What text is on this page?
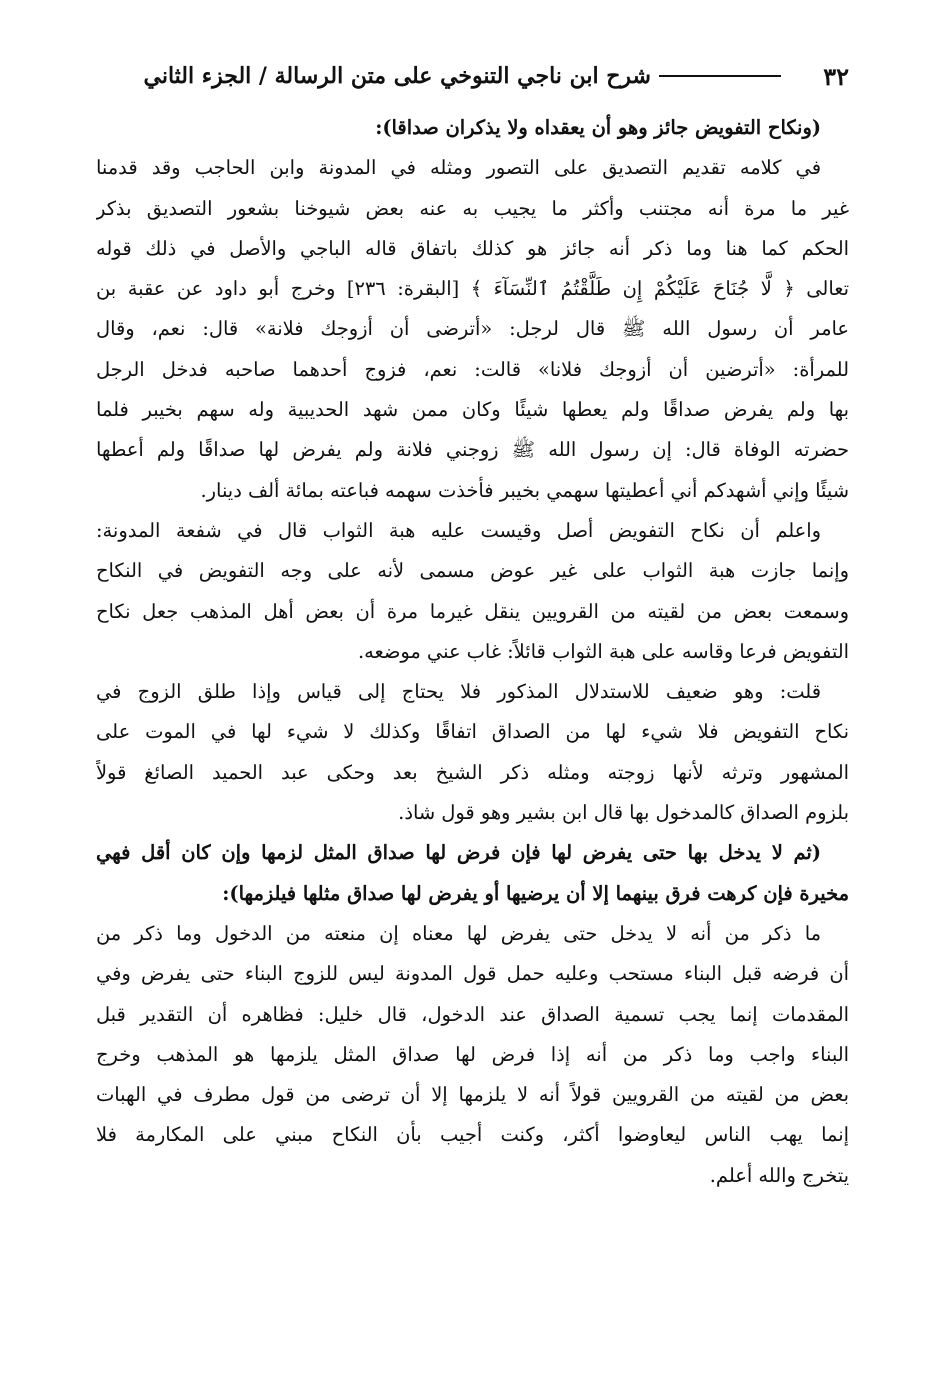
٣٢
شرح ابن ناجي التنوخي على متن الرسالة / الجزء الثاني
(ونكاح التفويض جائز وهو أن يعقداه ولا يذكران صداقا):
في كلامه تقديم التصديق على التصور ومثله في المدونة وابن الحاجب وقد قدمنا
غير ما مرة أنه مجتنب وأكثر ما يجيب به عنه بعض شيوخنا بشعور التصديق بذكر
الحكم كما هنا وما ذكر أنه جائز هو كذلك باتفاق قاله الباجي والأصل في ذلك قوله
تعالى ﴿ لَّا جُنَاحَ عَلَيْكُمْ إِن طَلَّقْتُمُ ٱلنِّسَآءَ ﴾ [البقرة: ٢٣٦] وخرج أبو داود عن عقبة بن
عامر أن رسول الله ﷺ قال لرجل: «أترضى أن أزوجك فلانة» قال: نعم، وقال
للمرأة: «أترضين أن أزوجك فلانا» قالت: نعم، فزوج أحدهما صاحبه فدخل الرجل
بها ولم يفرض صداقًا ولم يعطها شيئًا وكان ممن شهد الحديبية وله سهم بخيبر فلما
حضرته الوفاة قال: إن رسول الله ﷺ زوجني فلانة ولم يفرض لها صداقًا ولم أعطها
شيئًا وإني أشهدكم أني أعطيتها سهمي بخيبر فأخذت سهمه فباعته بمائة ألف دينار.
واعلم أن نكاح التفويض أصل وقيست عليه هبة الثواب قال في شفعة المدونة:
وإنما جازت هبة الثواب على غير عوض مسمى لأنه على وجه التفويض في النكاح
وسمعت بعض من لقيته من القرويين ينقل غيرما مرة أن بعض أهل المذهب جعل نكاح
التفويض فرعا وقاسه على هبة الثواب قائلاً: غاب عني موضعه.
قلت: وهو ضعيف للاستدلال المذكور فلا يحتاج إلى قياس وإذا طلق الزوج في
نكاح التفويض فلا شيء لها من الصداق اتفاقًا وكذلك لا شيء لها في الموت على
المشهور وترثه لأنها زوجته ومثله ذكر الشيخ بعد وحكى عبد الحميد الصائغ قولاً
بلزوم الصداق كالمدخول بها قال ابن بشير وهو قول شاذ.
(ثم لا يدخل بها حتى يفرض لها فإن فرض لها صداق المثل لزمها وإن كان أقل فهي
مخيرة فإن كرهت فرق بينهما إلا أن يرضيها أو يفرض لها صداق مثلها فيلزمها):
ما ذكر من أنه لا يدخل حتى يفرض لها معناه إن منعته من الدخول وما ذكر من
أن فرضه قبل البناء مستحب وعليه حمل قول المدونة ليس للزوج البناء حتى يفرض وفي
المقدمات إنما يجب تسمية الصداق عند الدخول، قال خليل: فظاهره أن التقدير قبل
البناء واجب وما ذكر من أنه إذا فرض لها صداق المثل يلزمها هو المذهب وخرج
بعض من لقيته من القرويين قولاً أنه لا يلزمها إلا أن ترضى من قول مطرف في الهبات
إنما يهب الناس ليعاوضوا أكثر، وكنت أجيب بأن النكاح مبني على المكارمة فلا
يتخرج والله أعلم.
